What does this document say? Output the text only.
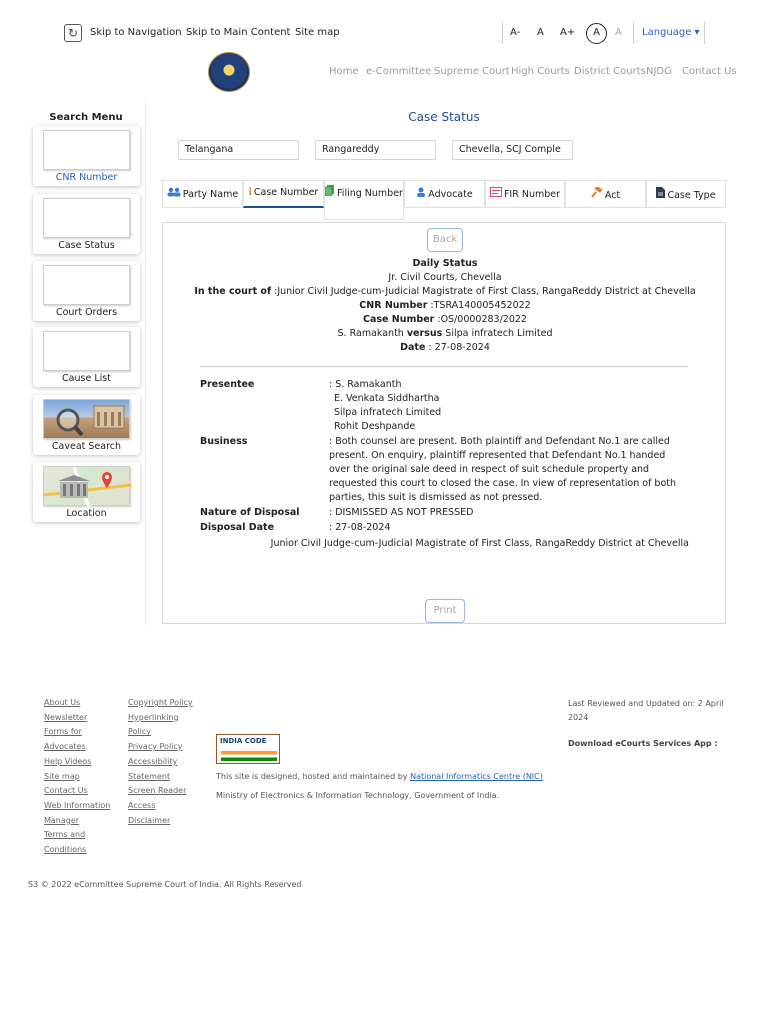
↻	Skip to Navigation Skip to Main Content Site map	A- A A+	A	A Language ▾
Home e-Committee Supreme Court High Courts District Courts NJDG Contact Us
Search Menu
CNR Number
Case Status
Court Orders
Cause List
Caveat Search
Location
Case Status
Telangana	Rangareddy	Chevella, SCJ Comple
Party Name	i Case Number	Filing Number	Advocate	FIR Number	Act	Case Type
Back
Daily Status
Jr. Civil Courts, Chevella
In the court of :Junior Civil Judge-cum-Judicial Magistrate of First Class, RangaReddy District at Chevella
CNR Number :TSRA140005452022
Case Number :OS/0000283/2022
S. Ramakanth versus Silpa infratech Limited
Date : 27-08-2024
Presentee	: S. Ramakanth
E. Venkata Siddhartha
Silpa infratech Limited
Rohit Deshpande
Business	: Both counsel are present. Both plaintiff and Defendant No.1 are called present. On enquiry, plaintiff represented that Defendant No.1 handed over the original sale deed in respect of suit schedule property and requested this court to closed the case. In view of representation of both parties, this suit is dismissed as not pressed.
Nature of Disposal	: DISMISSED AS NOT PRESSED
Disposal Date	: 27-08-2024
Junior Civil Judge-cum-Judicial Magistrate of First Class, RangaReddy District at Chevella
Print
About Us
Newsletter
Forms for
Advocates
Help Videos
Site map
Contact Us
Web Information
Manager
Terms and
Conditions
Copyright Policy
Hyperlinking
Policy
Privacy Policy
Accessibility
Statement
Screen Reader
Access
Disclaimer
INDIA CODE
This site is designed, hosted and maintained by National Informatics Centre (NIC)
Ministry of Electronics & Information Technology, Government of India.
Last Reviewed and Updated on: 2 April
2024
Download eCourts Services App :
S3 © 2022 eCommittee Supreme Court of India. All Rights Reserved
